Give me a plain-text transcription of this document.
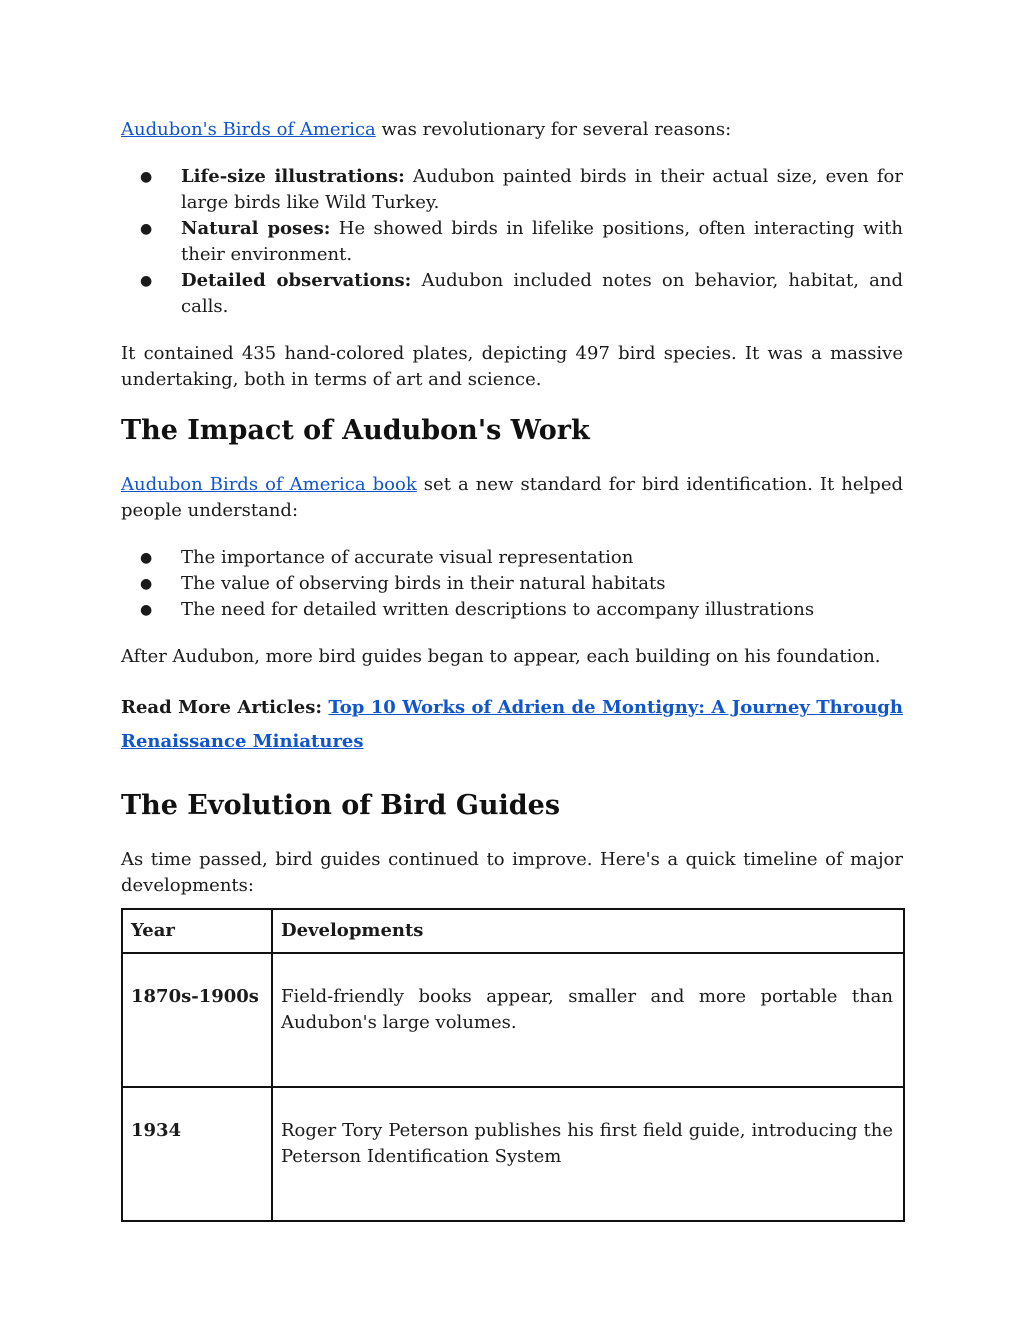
Audubon's Birds of America was revolutionary for several reasons:

● Life-size illustrations: Audubon painted birds in their actual size, even for large birds like Wild Turkey.
● Natural poses: He showed birds in lifelike positions, often interacting with their environment.
● Detailed observations: Audubon included notes on behavior, habitat, and calls.

It contained 435 hand-colored plates, depicting 497 bird species. It was a massive undertaking, both in terms of art and science.

The Impact of Audubon's Work

Audubon Birds of America book set a new standard for bird identification. It helped people understand:

● The importance of accurate visual representation
● The value of observing birds in their natural habitats
● The need for detailed written descriptions to accompany illustrations

After Audubon, more bird guides began to appear, each building on his foundation.

Read More Articles: Top 10 Works of Adrien de Montigny: A Journey Through Renaissance Miniatures

The Evolution of Bird Guides

As time passed, bird guides continued to improve. Here's a quick timeline of major developments:

Year	Developments
1870s-1900s	Field-friendly books appear, smaller and more portable than Audubon's large volumes.
1934	Roger Tory Peterson publishes his first field guide, introducing the Peterson Identification System
